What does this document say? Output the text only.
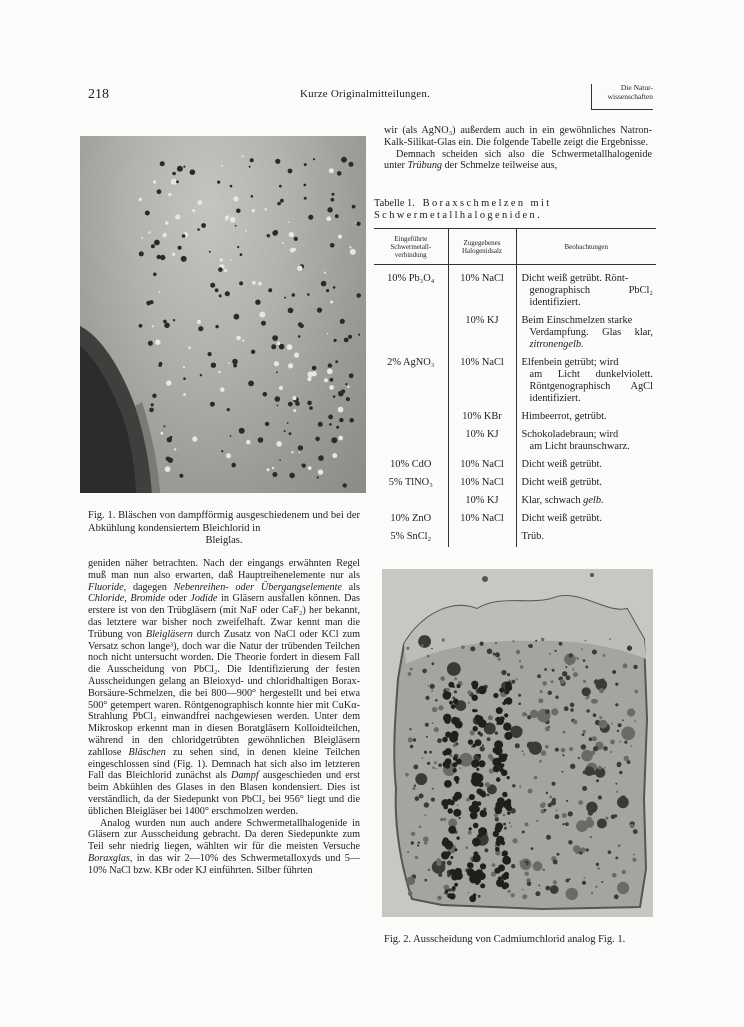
218	Kurze Originalmitteilungen.
Die Natur-
wissenschaften
Fig. 1. Bläschen von dampfförmig ausgeschiedenem und bei der Abkühlung kondensiertem Bleichlorid in
Bleiglas.
Fig. 2. Ausscheidung von Cadmiumchlorid analog Fig. 1.

wir (als AgNO₃) außerdem auch in ein gewöhnliches Natron-Kalk-Silikat-Glas ein. Die folgende Tabelle zeigt die Ergebnisse.

Demnach scheiden sich also die Schwermetallhalogenide unter Trübung der Schmelze teilweise aus,

Tabelle 1. Boraxschmelzen mit Schwermetallhalogeniden.
Eingeführte Schwermetall-verbindung	Zugegebenes Halogenidsalz	Beobachtungen
10% Pb₃O₄	10% NaCl	Dicht weiß getrübt. Rönt-
genographisch PbCl₂ identifiziert.

	10% KJ	Beim Einschmelzen starke
Verdampfung. Glas klar, zitronengelb.

2% AgNO₃	10% NaCl	Elfenbein getrübt; wird
am Licht dunkelviolett. Röntgenographisch AgCl identifiziert.

	10% KBr	Himbeerrot, getrübt.

	10% KJ	Schokoladebraun; wird
am Licht braunschwarz.

10% CdO	10% NaCl	Dicht weiß getrübt.

5% TlNO₃	10% NaCl	Dicht weiß getrübt.

	10% KJ	Klar, schwach gelb.
10% ZnO	10% NaCl	Dicht weiß getrübt.

5% SnCl₂		Trüb.

geniden näher betrachten. Nach der eingangs erwähnten Regel muß man nun also erwarten, daß Hauptreihenelemente nur als Fluoride, dagegen Nebenreihen- oder Übergangselemente als Chloride, Bromide oder Jodide in Gläsern ausfallen können. Das erstere ist von den Trübgläsern (mit NaF oder CaF₂) her bekannt, das letztere war bisher noch zweifelhaft. Zwar kennt man die Trübung von Bleigläsern durch Zusatz von NaCl oder KCl zum Versatz schon lange³), doch war die Natur der trübenden Teilchen noch nicht untersucht worden. Die Theorie fordert in diesem Fall die Ausscheidung von PbCl₂. Die Identifizierung der festen Ausscheidungen gelang an Bleioxyd- und chloridhaltigen Borax-Borsäure-Schmelzen, die bei 800—900° hergestellt und bei etwa 500° getempert waren. Röntgenographisch konnte hier mit CuKα-Strahlung PbCl₂ einwandfrei nachgewiesen werden. Unter dem Mikroskop erkennt man in diesen Boratgläsern Kolloidteilchen, während in den chloridgetrübten gewöhnlichen Bleigläsern zahllose Bläschen zu sehen sind, in denen kleine Teilchen eingeschlossen sind (Fig. 1). Demnach hat sich also im letzteren Fall das Bleichlorid zunächst als Dampf ausgeschieden und erst beim Abkühlen des Glases in den Blasen kondensiert. Dies ist verständlich, da der Siedepunkt von PbCl₂ bei 956° liegt und die üblichen Bleigläser bei 1400° erschmolzen werden.

Analog wurden nun auch andere Schwermetallhalogenide in Gläsern zur Ausscheidung gebracht. Da deren Siedepunkte zum Teil sehr niedrig liegen, wählten wir für die meisten Versuche Boraxglas, in das wir 2—10% des Schwermetalloxyds und 5—10% NaCl bzw. KBr oder KJ einführten. Silber führten
